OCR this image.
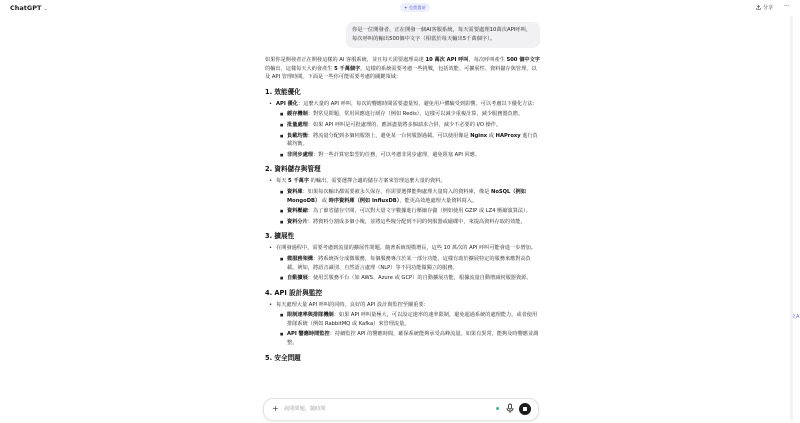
ChatGPT ⌄	✦ 免費選項	分享 ···
你是一位開發者，正在開發一個AI客服系統，每天需要處理10萬次API呼叫，每次呼叫的輸出500個中文字（相當於每天輸出5千萬個字）。

如果你是開發者正在開發這樣的 AI 客服系統，並且每天需要處理高達 10 萬次 API 呼叫，每次呼叫產生 500 個中文字 的輸出，這樣每天大約會產生 5 千萬個字。這樣的系統需要考慮一些挑戰，包括效能、可擴展性、資料儲存與管理、以及 API 管理時間。下面是一些你可能需要考慮的關鍵領域：

1. 效能優化
• API 優化：這麼大量的 API 呼叫，每次的響應時間需要盡量短，避免用戶體驗受到影響。可以考慮以下優化方法：
■ 緩存機制：對常見問題、常用回應進行緩存（例如 Redis），這樣可以減少重複計算，減少服務器負擔。
■ 批量處理：如果 API 呼叫是可批處理的，應該盡量將多個請求合併，減少不必要的 I/O 操作。
■ 負載均衡：將流量分配到多個伺服器上，避免某一台伺服器過載。可以使用像是 Nginx 或 HAProxy 進行負載均衡。
■ 非同步處理：對一些計算密集型的任務，可以考慮非同步處理，避免阻塞 API 回應。
2. 資料儲存與管理
• 每天 5 千萬字 的輸出，需要選擇合適的儲存方案來管理這麼大量的資料。
■ 資料庫：如果每次輸出都需要被永久保存，你需要選擇能夠處理大量寫入的資料庫，像是 NoSQL（例如 MongoDB） 或 時序資料庫（例如 InfluxDB），能更高效地處理大量資料寫入。
■ 資料壓縮：為了節省儲存空間，可以對大量文字數據進行壓縮存儲（例如使用 GZIP 或 LZ4 壓縮演算法）。
■ 資料分片：將資料分割成多個小塊，並將這些塊分配到不同的伺服器或磁碟中，來提高資料存取的效能。
3. 擴展性
• 在開發過程中，需要考慮到流量的擴展性問題。隨著系統規模增長，這些 10 萬次的 API 呼叫可能會進一步增加。
■ 微服務架構：將系統拆分成微服務，每個服務專注於某一部分功能，這樣有助於擴展特定的服務來應對高負載。例如，將語音識別、自然語言處理（NLP）等不同功能做獨立的服務。
■ 自動擴展：使用雲服務平台（如 AWS、Azure 或 GCP）的自動擴展功能，根據流量自動增減伺服器資源。
4. API 設計與監控
• 每天處理大量 API 呼叫的同時，良好的 API 設計與監控至關重要：
■ 限制速率與排隊機制：如果 API 呼叫量極大，可以設定速率的速率限制，避免超過系統的處理能力。或者使用排隊系統（例如 RabbitMQ 或 Kafka）來管理流量。
■ API 響應時間監控：持續監控 API 的響應時間，確保系統能夠承受高峰流量。如果有異常，能夠及時響應並調整。
5. 安全問題
文A
+
詢問問題，隨時問
